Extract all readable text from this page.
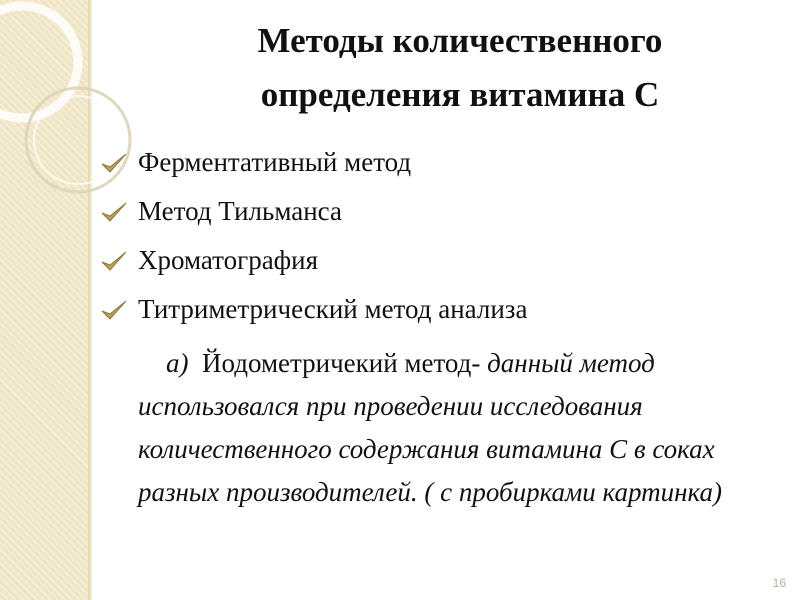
Методы количественного
определения витамина С
Ферментативный метод
Метод Тильманса
Хроматография
Титриметрический метод анализа

а) Йодометричекий метод- данный метод использовался при проведении исследования количественного содержания витамина С в соках разных производителей. ( с пробирками картинка)

16
